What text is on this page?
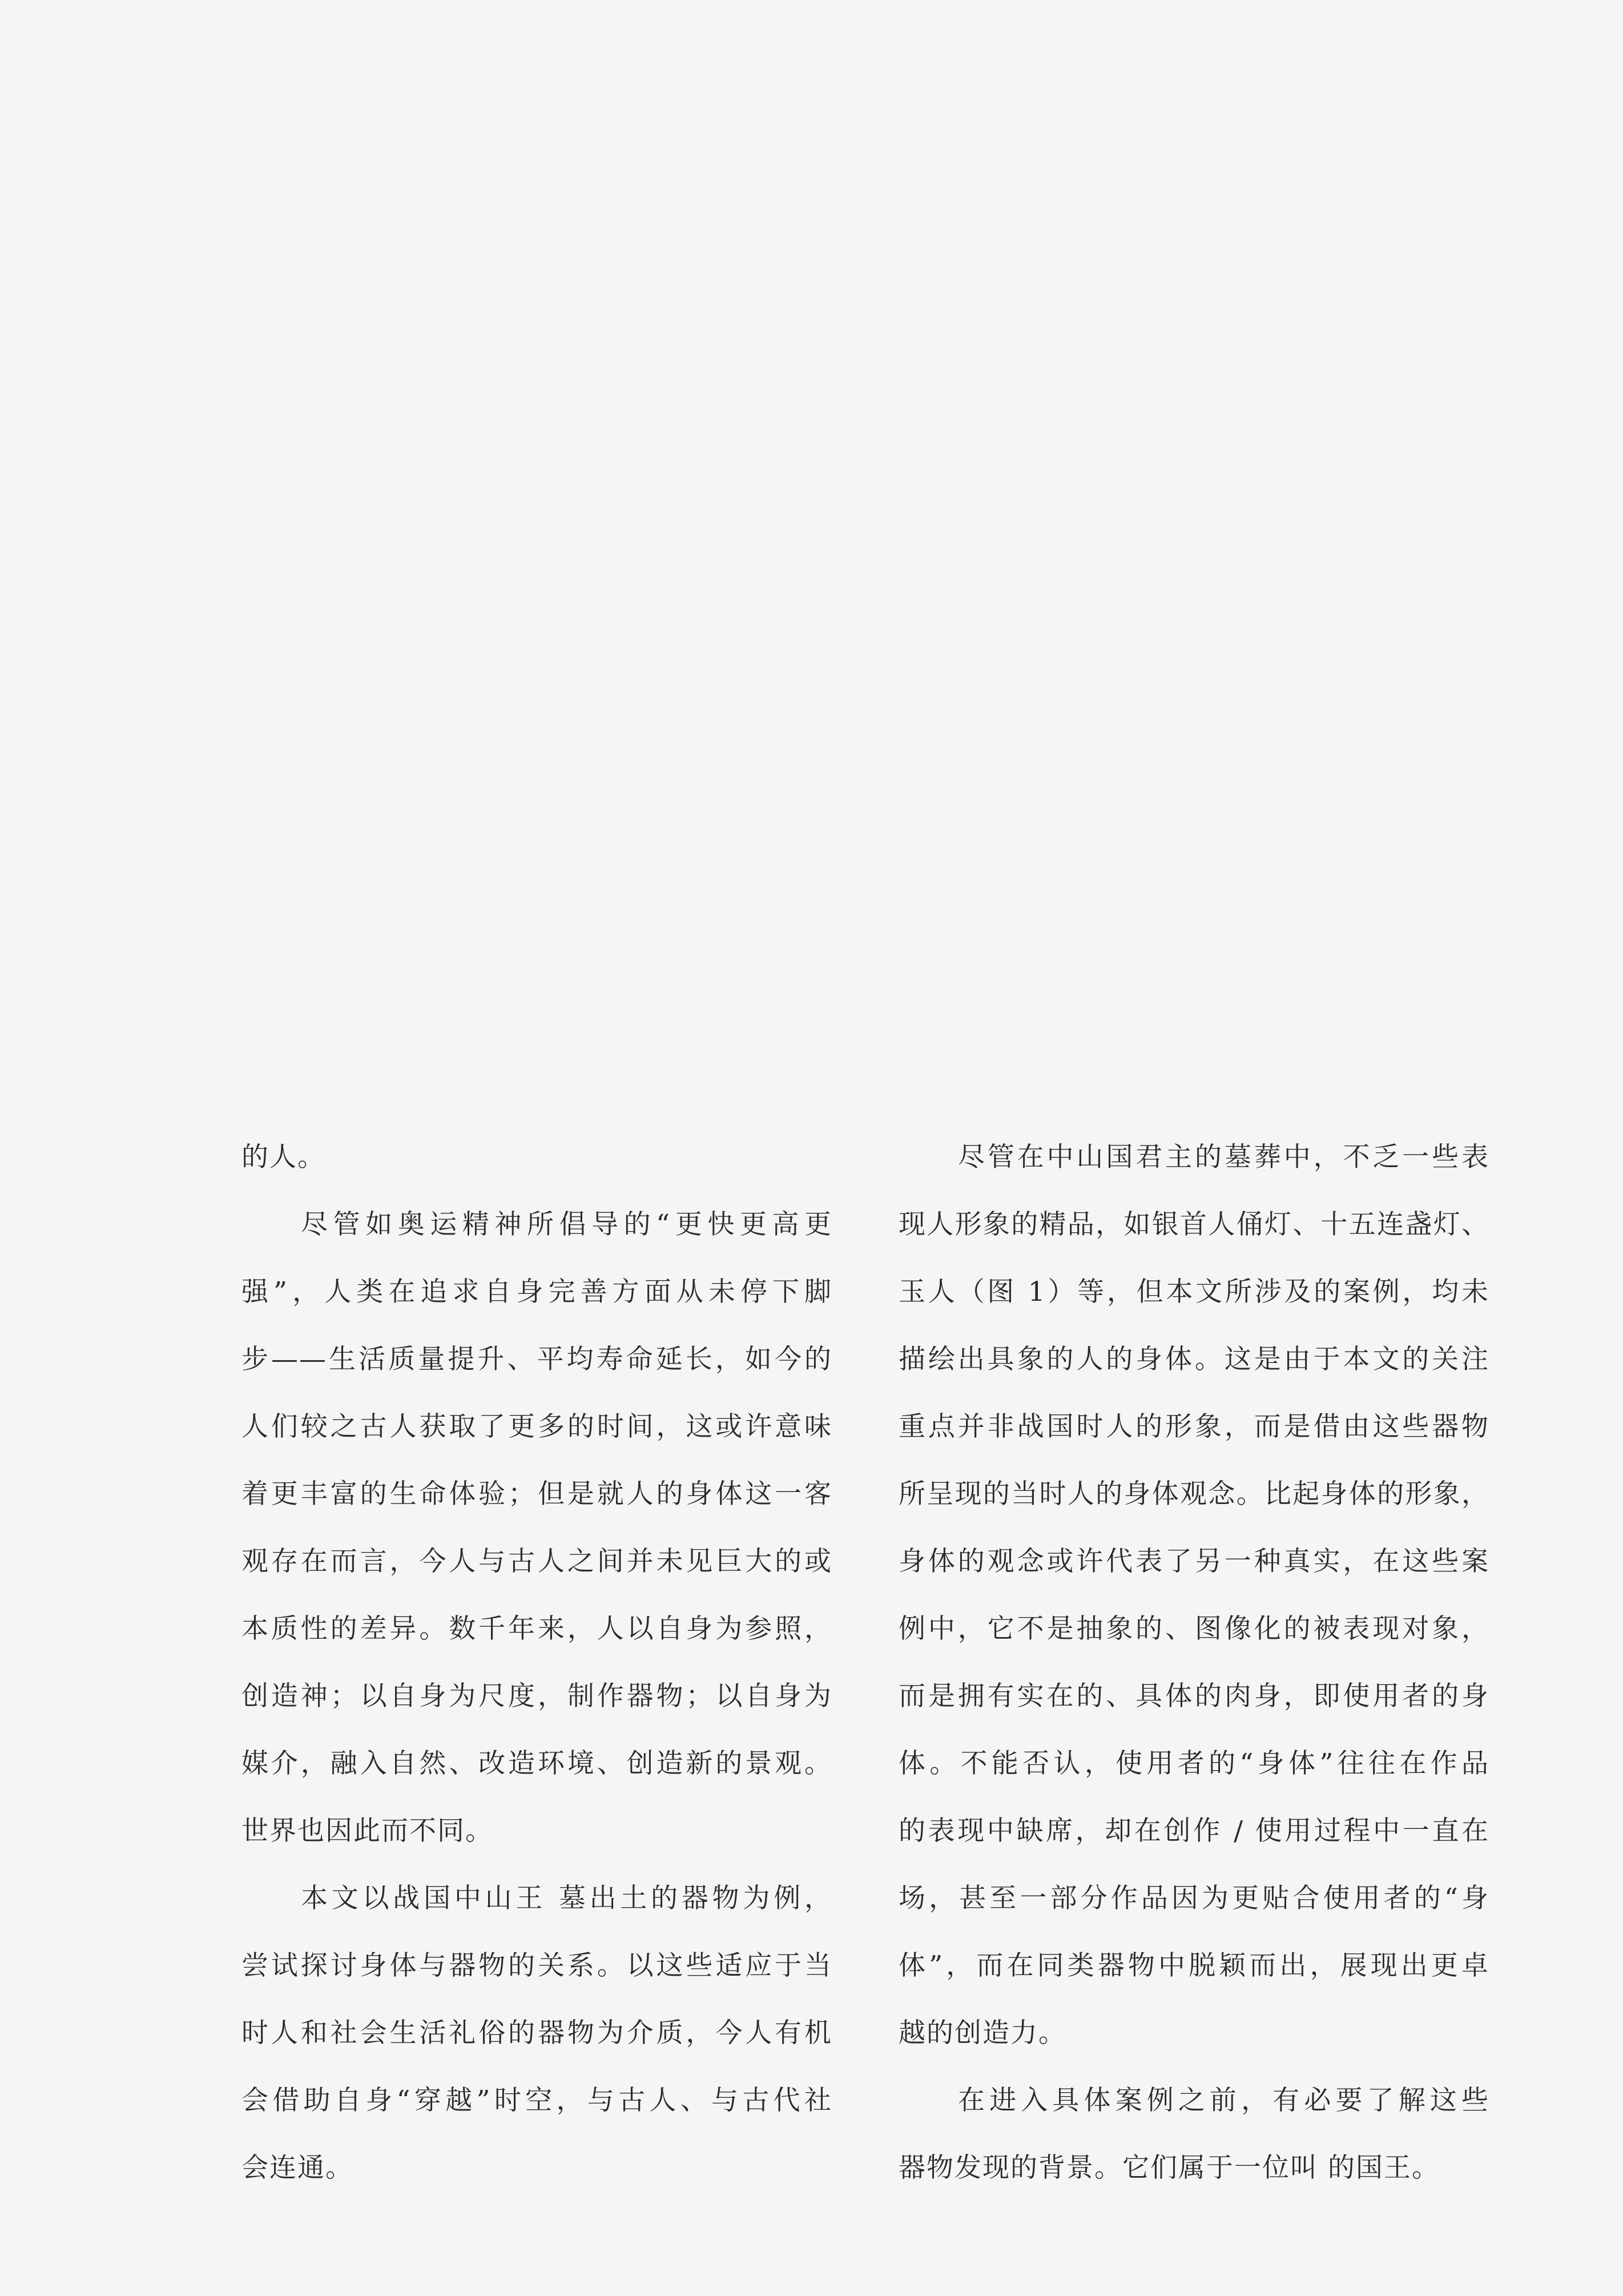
的人。
尽管如奥运精神所倡导的“更快更高更
强”，人类在追求自身完善方面从未停下脚
步——生活质量提升、平均寿命延长，如今的
人们较之古人获取了更多的时间，这或许意味
着更丰富的生命体验；但是就人的身体这一客
观存在而言，今人与古人之间并未见巨大的或
本质性的差异。数千年来，人以自身为参照，
创造神；以自身为尺度，制作器物；以自身为
媒介，融入自然、改造环境、创造新的景观。
世界也因此而不同。
本文以战国中山王 墓出土的器物为例，
尝试探讨身体与器物的关系。以这些适应于当
时人和社会生活礼俗的器物为介质，今人有机
会借助自身“穿越”时空，与古人、与古代社
会连通。
尽管在中山国君主的墓葬中，不乏一些表
现人形象的精品，如银首人俑灯、十五连盏灯、
玉人（图 1）等，但本文所涉及的案例，均未
描绘出具象的人的身体。这是由于本文的关注
重点并非战国时人的形象，而是借由这些器物
所呈现的当时人的身体观念。比起身体的形象，
身体的观念或许代表了另一种真实，在这些案
例中，它不是抽象的、图像化的被表现对象，
而是拥有实在的、具体的肉身，即使用者的身
体。不能否认，使用者的“身体”往往在作品
的表现中缺席，却在创作 / 使用过程中一直在
场，甚至一部分作品因为更贴合使用者的“身
体”，而在同类器物中脱颖而出，展现出更卓
越的创造力。
在进入具体案例之前，有必要了解这些
器物发现的背景。它们属于一位叫 的国王。
